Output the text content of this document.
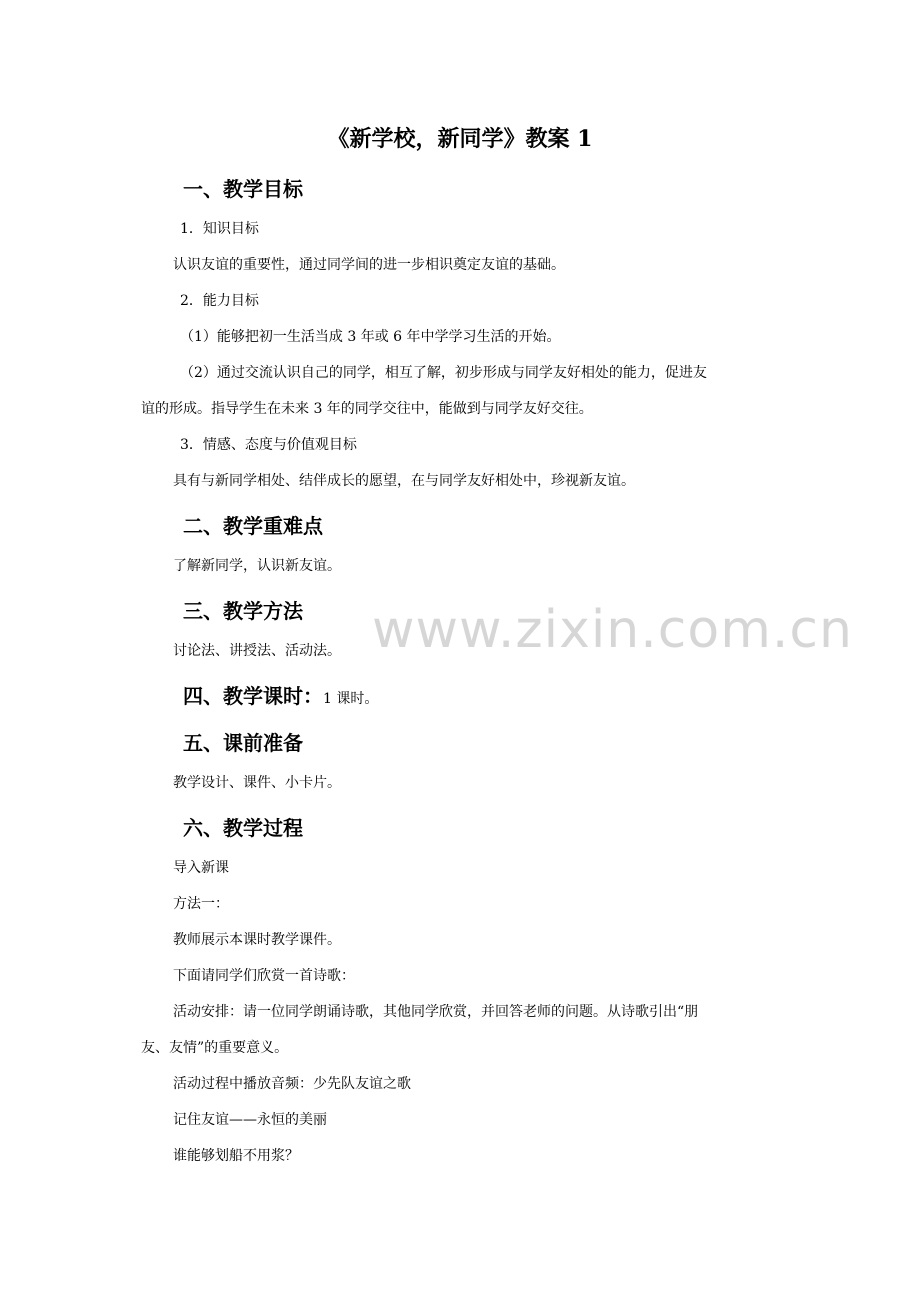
www.zixin.com.cn
《新学校，新同学》教案 1
一、教学目标
1．知识目标
认识友谊的重要性，通过同学间的进一步相识奠定友谊的基础。
2．能力目标
（1）能够把初一生活当成 3 年或 6 年中学学习生活的开始。
（2）通过交流认识自己的同学，相互了解，初步形成与同学友好相处的能力，促进友
谊的形成。指导学生在未来 3 年的同学交往中，能做到与同学友好交往。
3．情感、态度与价值观目标
具有与新同学相处、结伴成长的愿望，在与同学友好相处中，珍视新友谊。
二、教学重难点
了解新同学，认识新友谊。
三、教学方法
讨论法、讲授法、活动法。
四、教学课时：1 课时。
五、课前准备
教学设计、课件、小卡片。
六、教学过程
导入新课
方法一：
教师展示本课时教学课件。
下面请同学们欣赏一首诗歌：
活动安排：请一位同学朗诵诗歌，其他同学欣赏，并回答老师的问题。从诗歌引出“朋
友、友情”的重要意义。
活动过程中播放音频：少先队友谊之歌
记住友谊——永恒的美丽
谁能够划船不用浆？
